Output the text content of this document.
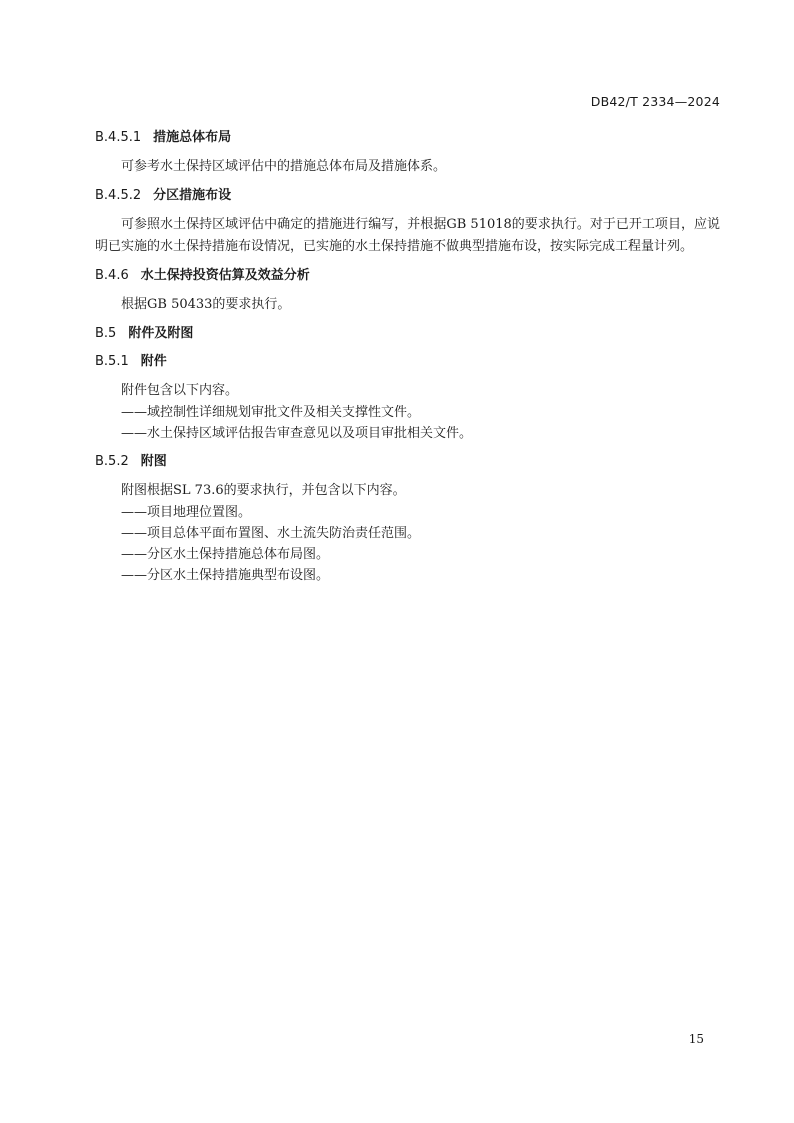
DB42/T 2334—2024
B.4.5.1 措施总体布局

可参考水土保持区域评估中的措施总体布局及措施体系。

B.4.5.2 分区措施布设

可参照水土保持区域评估中确定的措施进行编写，并根据GB 51018的要求执行。对于已开工项目，应说明已实施的水土保持措施布设情况，已实施的水土保持措施不做典型措施布设，按实际完成工程量计列。

B.4.6 水土保持投资估算及效益分析

根据GB 50433的要求执行。

B.5 附件及附图
B.5.1 附件

附件包含以下内容。

——域控制性详细规划审批文件及相关支撑性文件。
——水土保持区域评估报告审查意见以及项目审批相关文件。
B.5.2 附图

附图根据SL 73.6的要求执行，并包含以下内容。

——项目地理位置图。
——项目总体平面布置图、水土流失防治责任范围。
——分区水土保持措施总体布局图。
——分区水土保持措施典型布设图。
15
